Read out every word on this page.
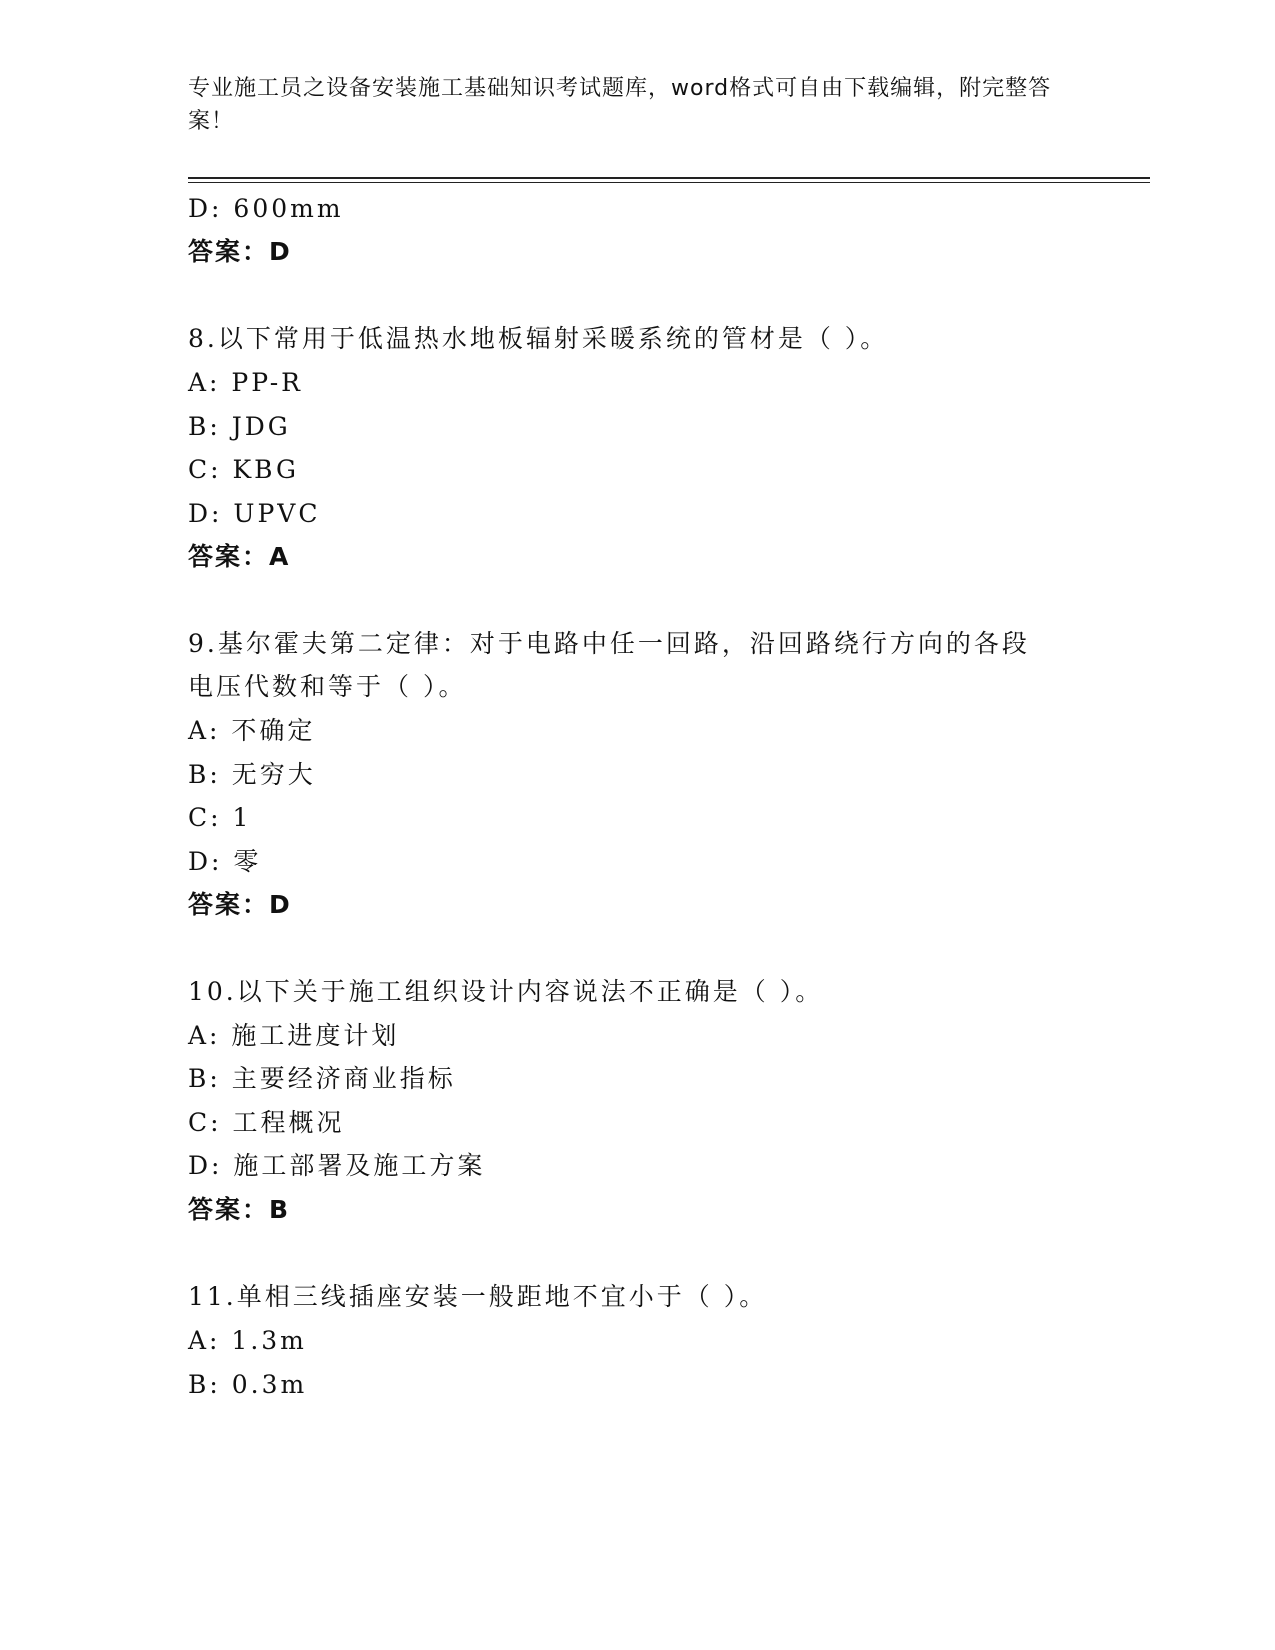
专业施工员之设备安装施工基础知识考试题库，word格式可自由下载编辑，附完整答案！
D: 600mm
答案：D
8.以下常用于低温热水地板辐射采暖系统的管材是（ ）。
A: PP-R
B: JDG
C: KBG
D: UPVC
答案：A
9.基尔霍夫第二定律：对于电路中任一回路，沿回路绕行方向的各段
电压代数和等于（ ）。
A: 不确定
B: 无穷大
C: 1
D: 零
答案：D
10.以下关于施工组织设计内容说法不正确是（ ）。
A: 施工进度计划
B: 主要经济商业指标
C: 工程概况
D: 施工部署及施工方案
答案：B
11.单相三线插座安装一般距地不宜小于（ ）。
A: 1.3m
B: 0.3m
